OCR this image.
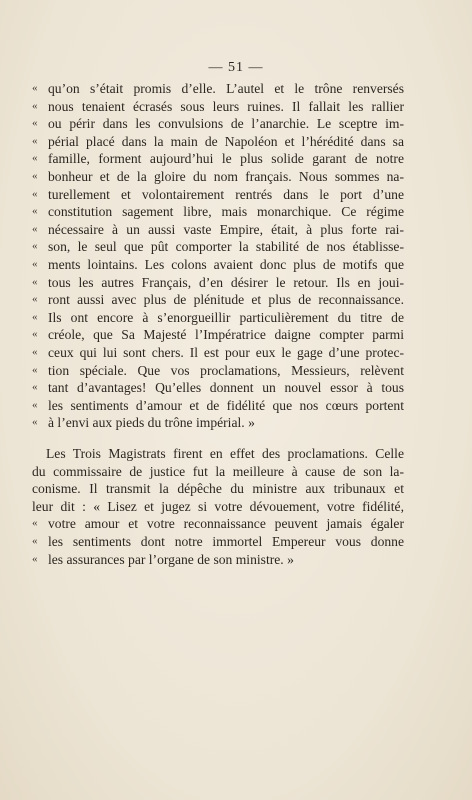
— 51 —
« qu’on s’était promis d’elle. L’autel et le trône renversés
« nous tenaient écrasés sous leurs ruines. Il fallait les rallier
« ou périr dans les convulsions de l’anarchie. Le sceptre im-
« périal placé dans la main de Napoléon et l’hérédité dans sa
« famille, forment aujourd’hui le plus solide garant de notre
« bonheur et de la gloire du nom français. Nous sommes na-
« turellement et volontairement rentrés dans le port d’une
« constitution sagement libre, mais monarchique. Ce régime
« nécessaire à un aussi vaste Empire, était, à plus forte rai-
« son, le seul que pût comporter la stabilité de nos établisse-
« ments lointains. Les colons avaient donc plus de motifs que
« tous les autres Français, d’en désirer le retour. Ils en joui-
« ront aussi avec plus de plénitude et plus de reconnaissance.
« Ils ont encore à s’enorgueillir particulièrement du titre de
« créole, que Sa Majesté l’Impératrice daigne compter parmi
« ceux qui lui sont chers. Il est pour eux le gage d’une protec-
« tion spéciale. Que vos proclamations, Messieurs, relèvent
« tant d’avantages! Qu’elles donnent un nouvel essor à tous
« les sentiments d’amour et de fidélité que nos cœurs portent
« à l’envi aux pieds du trône impérial. »
Les Trois Magistrats firent en effet des proclamations. Celle
du commissaire de justice fut la meilleure à cause de son la-
conisme. Il transmit la dépêche du ministre aux tribunaux et
leur dit : « Lisez et jugez si votre dévouement, votre fidélité,
« votre amour et votre reconnaissance peuvent jamais égaler
« les sentiments dont notre immortel Empereur vous donne
« les assurances par l’organe de son ministre. »
